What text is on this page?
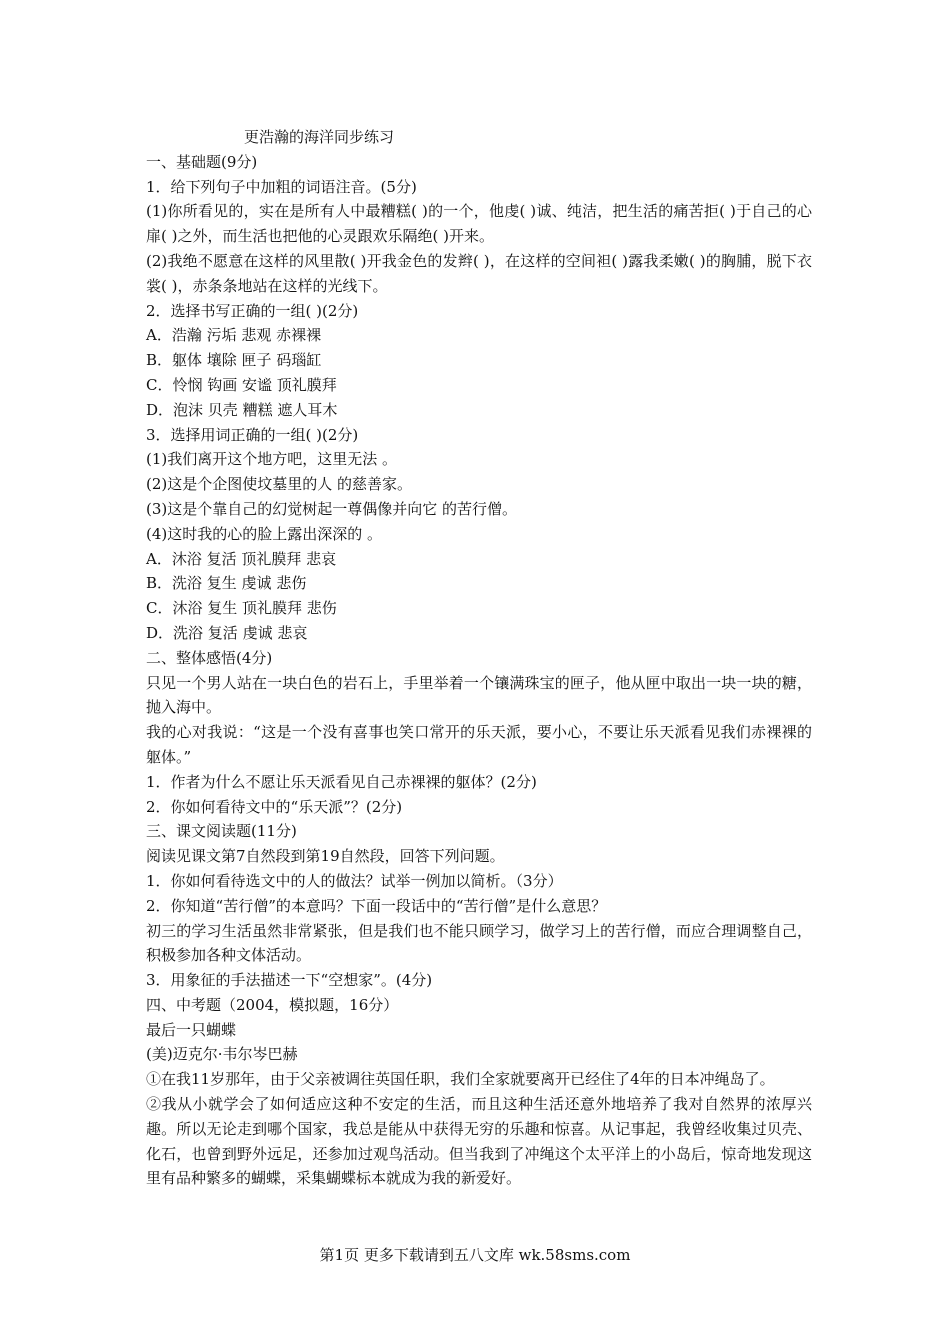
更浩瀚的海洋同步练习

一、基础题(9分)

1．给下列句子中加粗的词语注音。(5分)

(1)你所看见的，实在是所有人中最糟糕( )的一个，他虔( )诚、纯洁，把生活的痛苦拒( )于自己的心扉( )之外，而生活也把他的心灵跟欢乐隔绝( )开来。

(2)我绝不愿意在这样的风里散( )开我金色的发辫( )，在这样的空间袒( )露我柔嫩( )的胸脯，脱下衣裳( )，赤条条地站在这样的光线下。

2．选择书写正确的一组( )(2分)

A．浩瀚 污垢 悲观 赤裸裸

B．躯体 壤除 匣子 码瑙缸

C．怜悯 钩画 安谧 顶礼膜拜

D．泡沫 贝壳 糟糕 遮人耳木

3．选择用词正确的一组( )(2分)

(1)我们离开这个地方吧，这里无法 。

(2)这是个企图使坟墓里的人 的慈善家。

(3)这是个靠自己的幻觉树起一尊偶像并向它 的苦行僧。

(4)这时我的心的脸上露出深深的 。

A．沐浴 复活 顶礼膜拜 悲哀

B．洗浴 复生 虔诚 悲伤

C．沐浴 复生 顶礼膜拜 悲伤

D．洗浴 复活 虔诚 悲哀

二、整体感悟(4分)

只见一个男人站在一块白色的岩石上，手里举着一个镶满珠宝的匣子，他从匣中取出一块一块的糖，抛入海中。

我的心对我说：“这是一个没有喜事也笑口常开的乐天派，要小心，不要让乐天派看见我们赤裸裸的躯体。”

1．作者为什么不愿让乐天派看见自己赤裸裸的躯体？(2分)

2．你如何看待文中的“乐天派”？(2分)

三、课文阅读题(11分)

阅读见课文第7自然段到第19自然段，回答下列问题。

1．你如何看待选文中的人的做法？试举一例加以简析。（3分）

2．你知道“苦行僧”的本意吗？下面一段话中的“苦行僧”是什么意思？

初三的学习生活虽然非常紧张，但是我们也不能只顾学习，做学习上的苦行僧，而应合理调整自己，积极参加各种文体活动。

3．用象征的手法描述一下“空想家”。(4分)

四、中考题（2004，模拟题，16分）

最后一只蝴蝶

(美)迈克尔·韦尔岑巴赫

①在我11岁那年，由于父亲被调往英国任职，我们全家就要离开已经住了4年的日本冲绳岛了。

②我从小就学会了如何适应这种不安定的生活，而且这种生活还意外地培养了我对自然界的浓厚兴趣。所以无论走到哪个国家，我总是能从中获得无穷的乐趣和惊喜。从记事起，我曾经收集过贝壳、化石，也曾到野外远足，还参加过观鸟活动。但当我到了冲绳这个太平洋上的小岛后，惊奇地发现这里有品种繁多的蝴蝶，采集蝴蝶标本就成为我的新爱好。

第1页 更多下载请到五八文库 wk.58sms.com
